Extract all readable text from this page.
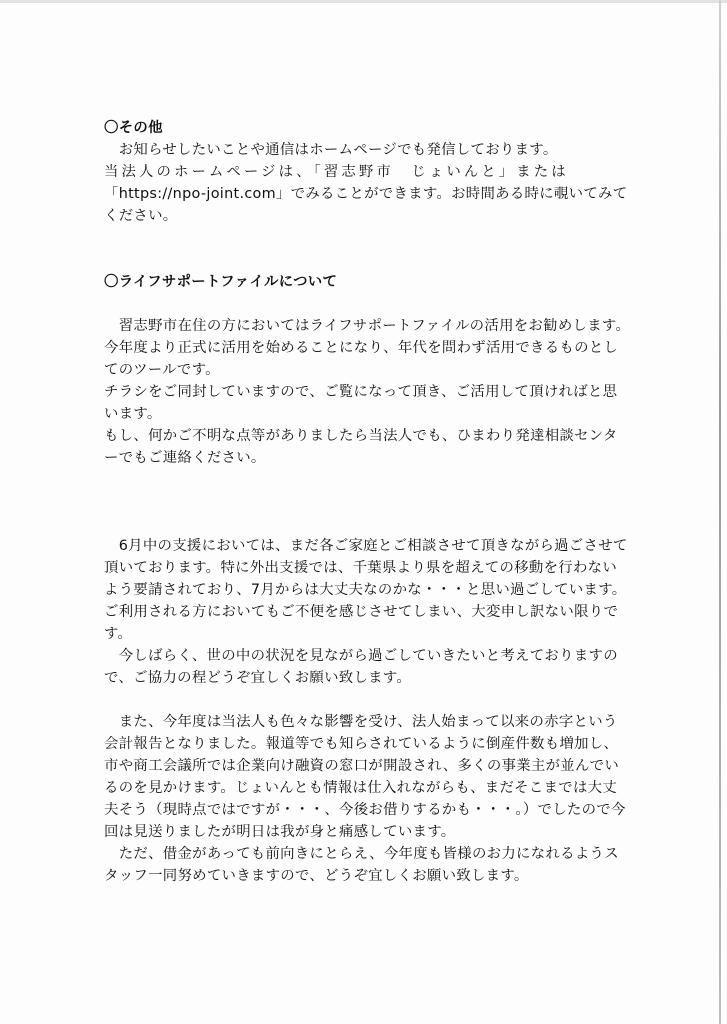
〇その他
　お知らせしたいことや通信はホームページでも発信しております。
当法人のホームページは、「習志野市　じょいんと」または
「https://npo-joint.com」でみることができます。お時間ある時に覗いてみて
ください。
〇ライフサポートファイルについて
　習志野市在住の方においてはライフサポートファイルの活用をお勧めします。
今年度より正式に活用を始めることになり、年代を問わず活用できるものとし
てのツールです。
チラシをご同封していますので、ご覧になって頂き、ご活用して頂ければと思
います。
もし、何かご不明な点等がありましたら当法人でも、ひまわり発達相談センタ
ーでもご連絡ください。
　6月中の支援においては、まだ各ご家庭とご相談させて頂きながら過ごさせて
頂いております。特に外出支援では、千葉県より県を超えての移動を行わない
よう要請されており、7月からは大丈夫なのかな・・・と思い過ごしています。
ご利用される方においてもご不便を感じさせてしまい、大変申し訳ない限りで
す。
　今しばらく、世の中の状況を見ながら過ごしていきたいと考えておりますの
で、ご協力の程どうぞ宜しくお願い致します。
　また、今年度は当法人も色々な影響を受け、法人始まって以来の赤字という
会計報告となりました。報道等でも知らされているように倒産件数も増加し、
市や商工会議所では企業向け融資の窓口が開設され、多くの事業主が並んでい
るのを見かけます。じょいんとも情報は仕入れながらも、まだそこまでは大丈
夫そう（現時点ではですが・・・、今後お借りするかも・・・。）でしたので今
回は見送りましたが明日は我が身と痛感しています。
　ただ、借金があっても前向きにとらえ、今年度も皆様のお力になれるようス
タッフ一同努めていきますので、どうぞ宜しくお願い致します。
